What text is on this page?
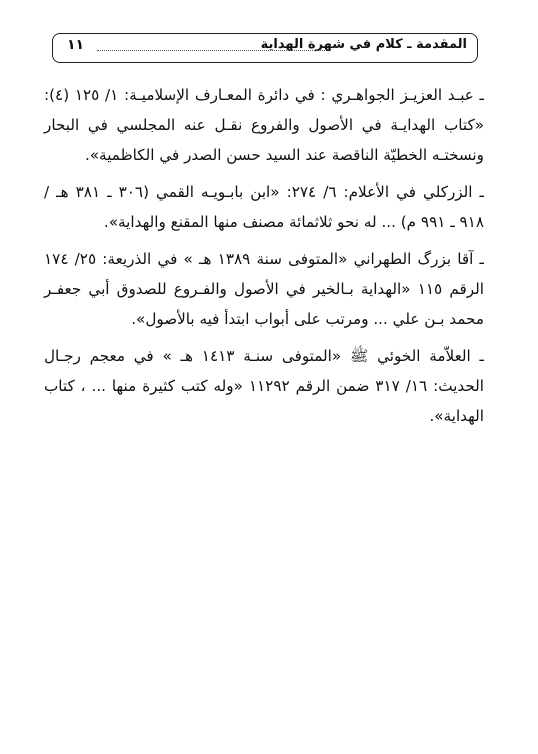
المقدمة ـ كلام في شهرة الهداية
١١

ـ عبـد العزيـز الجواهـري : في دائرة المعـارف الإسلاميـة: ١/ ١٢٥ (٤): «كتاب الهدايـة في الأصول والفروع نقـل عنه المجلسي في البحار ونسختـه الخطيّة الناقصة عند السيد حسن الصدر في الكاظمية».

ـ الزركلي في الأعلام: ٦/ ٢٧٤: «ابن بابـويـه القمي (٣٠٦ ـ ٣٨١ هـ / ٩١٨ ـ ٩٩١ م) ... له نحو ثلاثمائة مصنف منها المقنع والهداية».

ـ آقا بزرگ الطهراني «المتوفى سنة ١٣٨٩ هـ » في الذريعة: ٢٥/ ١٧٤ الرقم ١١٥ «الهداية بـالخير في الأصول والفـروع للصدوق أبي جعفـر محمد بـن علي ... ومرتب على أبواب ابتدأ فيه بالأصول».

ـ العلاّمة الخوئي ﷺ «المتوفى سنـة ١٤١٣ هـ » في معجم رجـال الحديث: ١٦/ ٣١٧ ضمن الرقم ١١٢٩٢ «وله كتب كثيرة منها ... ، كتاب الهداية».
